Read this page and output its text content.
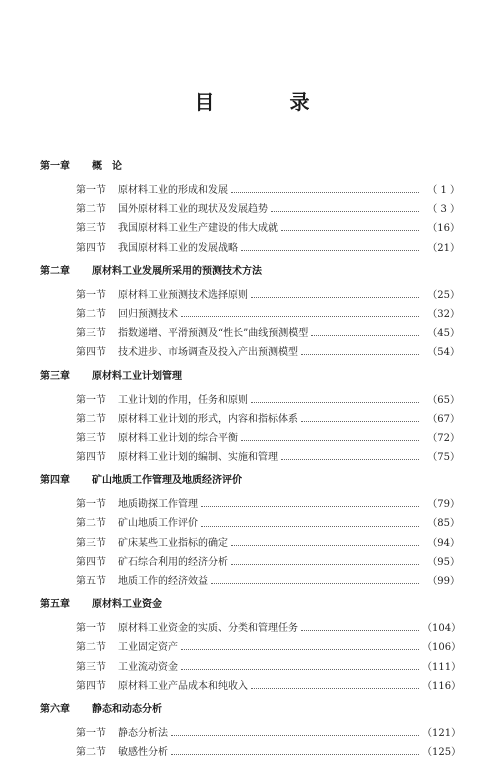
目 录
第一章 概　论
第一节	原材料工业的形成和发展	（ 1 ）
第二节	国外原材料工业的现状及发展趋势	（ 3 ）
第三节	我国原材料工业生产建设的伟大成就	（16）
第四节	我国原材料工业的发展战略	（21）
第二章 原材料工业发展所采用的预测技术方法
第一节	原材料工业预测技术选择原则	（25）
第二节	回归预测技术	（32）
第三节	指数递增、平滑预测及“性长”曲线预测模型	（45）
第四节	技术进步、市场调查及投入产出预测模型	（54）
第三章 原材料工业计划管理
第一节	工业计划的作用，任务和原则	（65）
第二节	原材料工业计划的形式，内容和指标体系	（67）
第三节	原材料工业计划的综合平衡	（72）
第四节	原材料工业计划的编制、实施和管理	（75）
第四章 矿山地质工作管理及地质经济评价
第一节	地质勘探工作管理	（79）
第二节	矿山地质工作评价	（85）
第三节	矿床某些工业指标的确定	（94）
第四节	矿石综合利用的经济分析	（95）
第五节	地质工作的经济效益	（99）
第五章 原材料工业资金
第一节	原材料工业资金的实质、分类和管理任务	（104）
第二节	工业固定资产	（106）
第三节	工业流动资金	（111）
第四节	原材料工业产品成本和纯收入	（116）
第六章 静态和动态分析
第一节	静态分析法	（121）
第二节	敏感性分析	（125）
